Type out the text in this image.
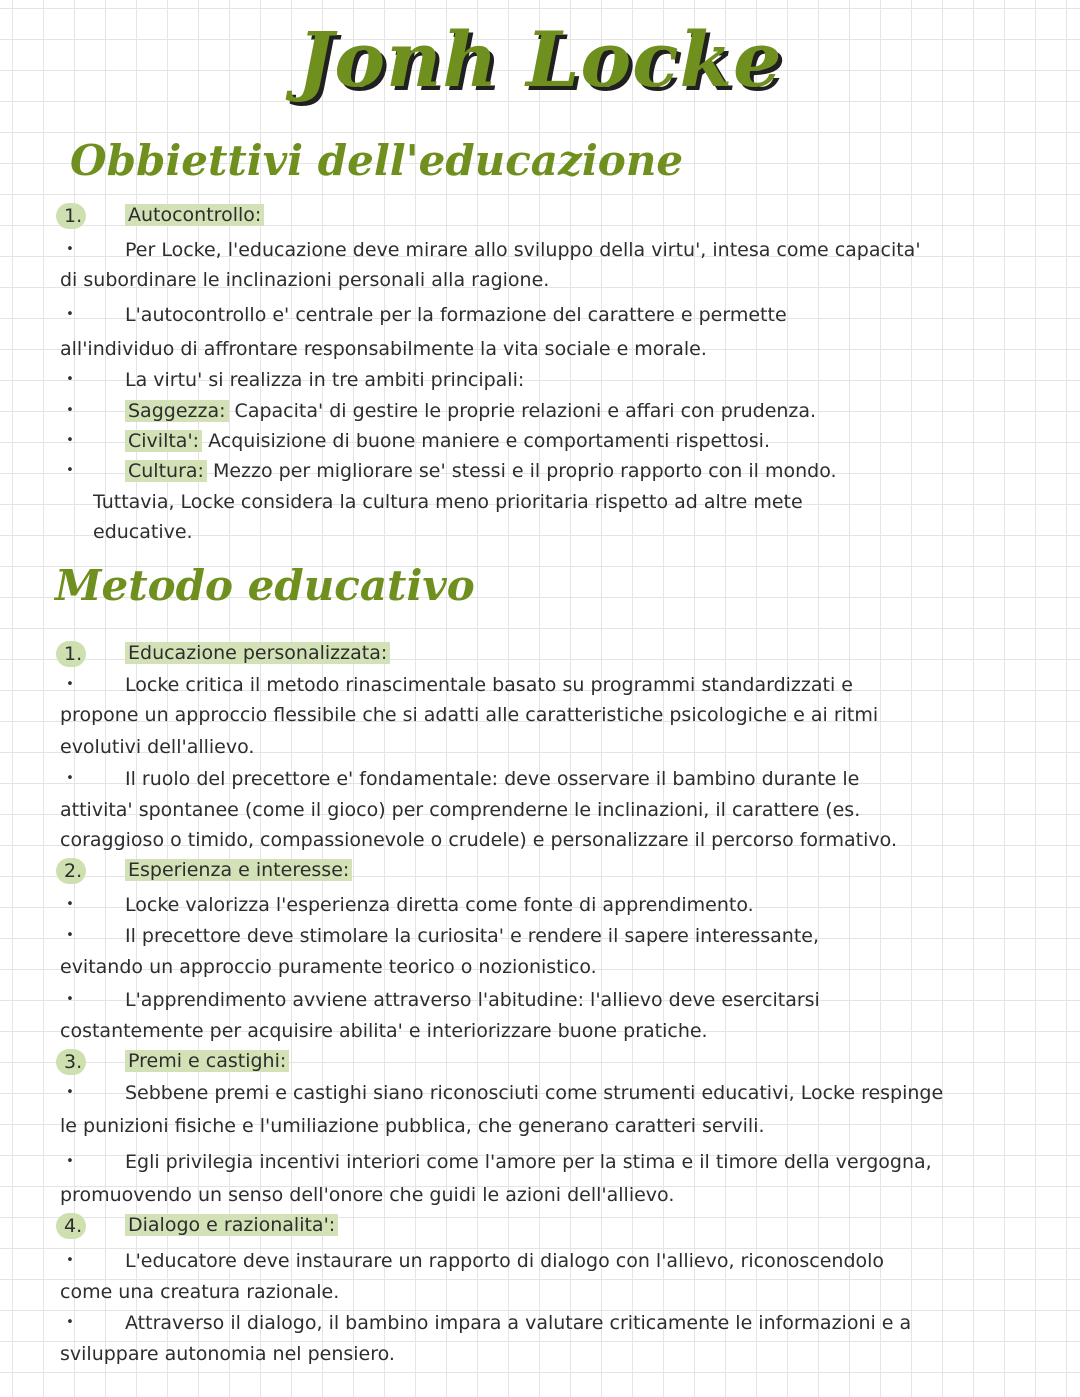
Jonh Locke
Obbiettivi dell'educazione
1. Autocontrollo:
•	Per Locke, l'educazione deve mirare allo sviluppo della virtu', intesa come capacita'
di subordinare le inclinazioni personali alla ragione.
•	L'autocontrollo e' centrale per la formazione del carattere e permette
all'individuo di affrontare responsabilmente la vita sociale e morale.
•	La virtu' si realizza in tre ambiti principali:
•	Saggezza: Capacita' di gestire le proprie relazioni e affari con prudenza.
•	Civilta': Acquisizione di buone maniere e comportamenti rispettosi.
•	Cultura: Mezzo per migliorare se' stessi e il proprio rapporto con il mondo.
Tuttavia, Locke considera la cultura meno prioritaria rispetto ad altre mete
educative.
Metodo educativo
1. Educazione personalizzata:
•	Locke critica il metodo rinascimentale basato su programmi standardizzati e
propone un approccio flessibile che si adatti alle caratteristiche psicologiche e ai ritmi
evolutivi dell'allievo.
•	Il ruolo del precettore e' fondamentale: deve osservare il bambino durante le
attivita' spontanee (come il gioco) per comprenderne le inclinazioni, il carattere (es.
coraggioso o timido, compassionevole o crudele) e personalizzare il percorso formativo.
2. Esperienza e interesse:
•	Locke valorizza l'esperienza diretta come fonte di apprendimento.
•	Il precettore deve stimolare la curiosita' e rendere il sapere interessante,
evitando un approccio puramente teorico o nozionistico.
•	L'apprendimento avviene attraverso l'abitudine: l'allievo deve esercitarsi
costantemente per acquisire abilita' e interiorizzare buone pratiche.
3. Premi e castighi:
•	Sebbene premi e castighi siano riconosciuti come strumenti educativi, Locke respinge
le punizioni fisiche e l'umiliazione pubblica, che generano caratteri servili.
•	Egli privilegia incentivi interiori come l'amore per la stima e il timore della vergogna,
promuovendo un senso dell'onore che guidi le azioni dell'allievo.
4. Dialogo e razionalita':
•	L'educatore deve instaurare un rapporto di dialogo con l'allievo, riconoscendolo
come una creatura razionale.
•	Attraverso il dialogo, il bambino impara a valutare criticamente le informazioni e a
sviluppare autonomia nel pensiero.
